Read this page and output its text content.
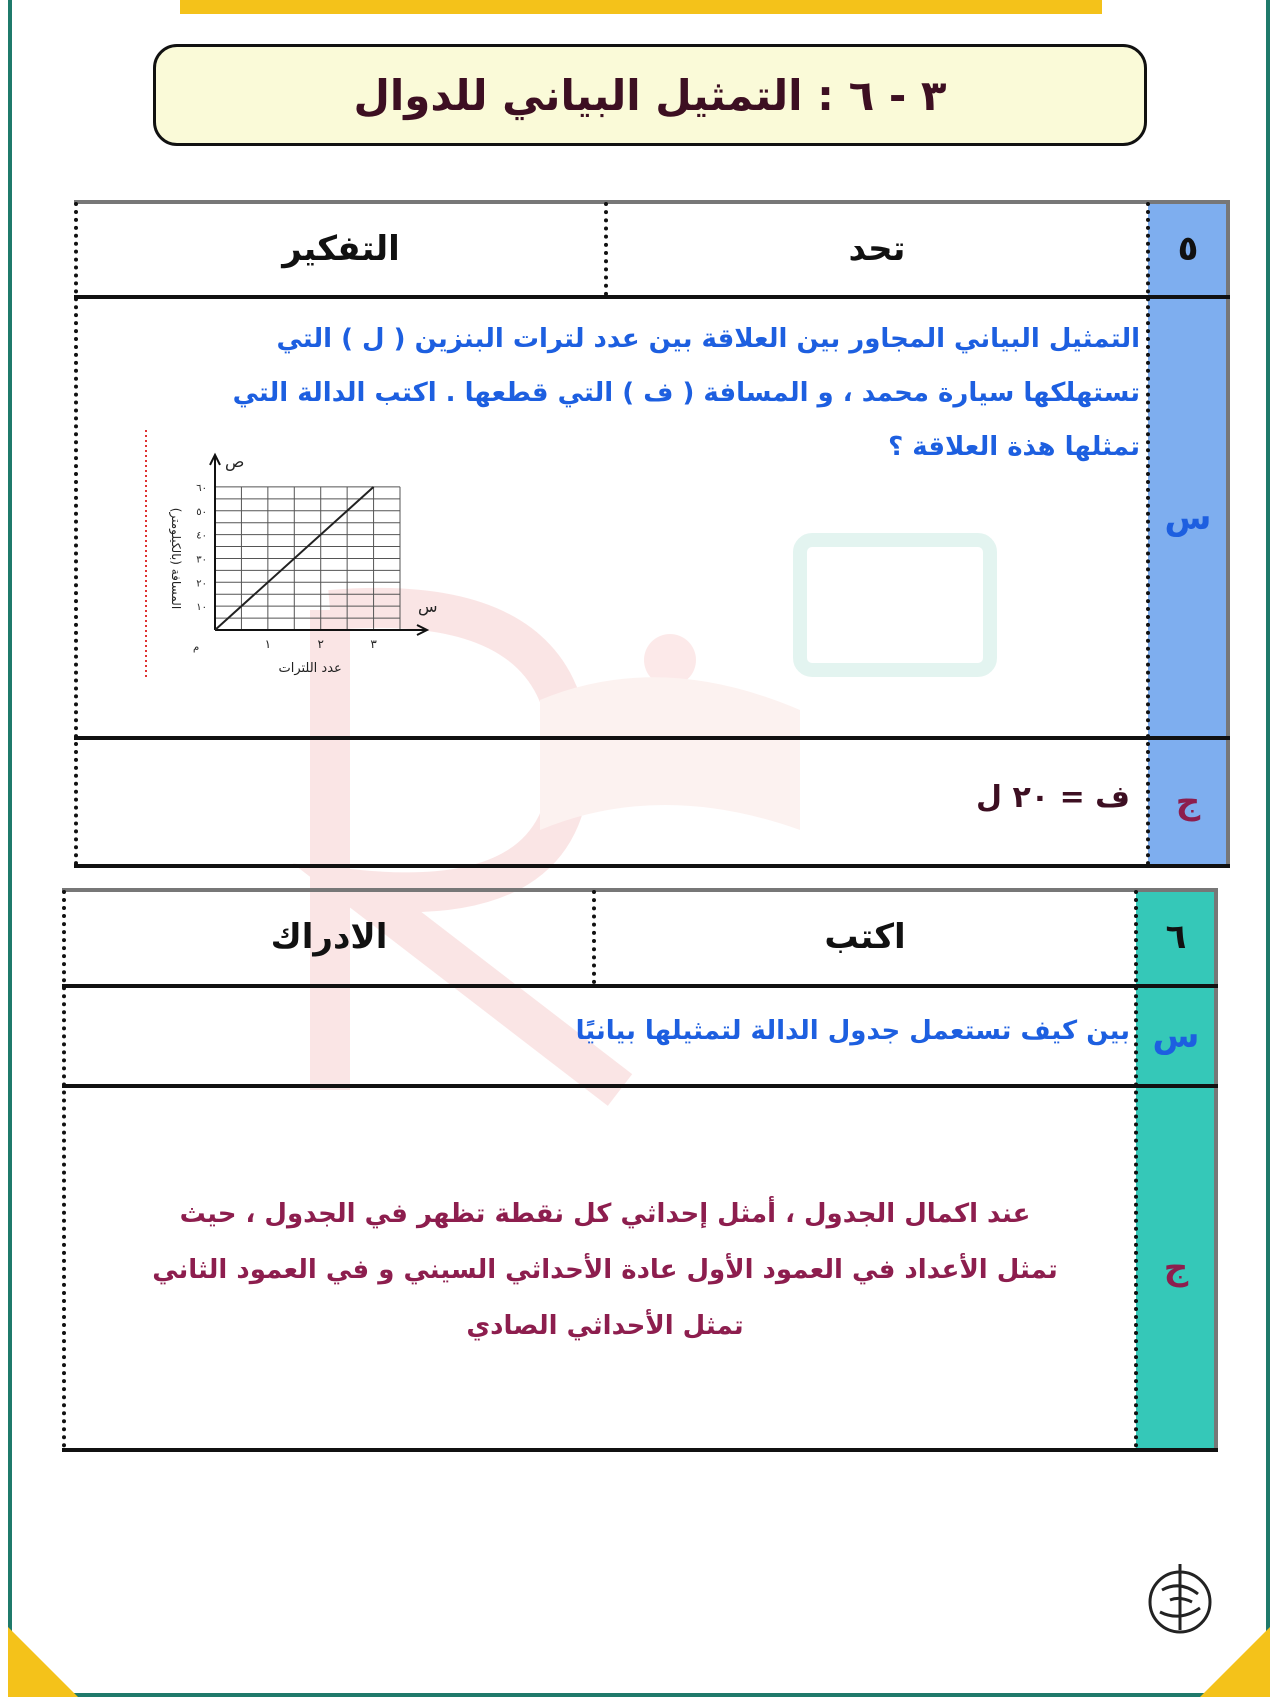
٣ - ٦ : التمثيل البياني للدوال
٥
تحد
التفكير
س
التمثيل البياني المجاور بين العلاقة بين عدد لترات البنزين ( ل ) التي
تستهلكها سيارة محمد ، و المسافة ( ف ) التي قطعها . اكتب الدالة التي
تمثلها هذة العلاقة ؟
١	٢	٣
١٠
٢٠
٣٠
٤٠
٥٠
٦٠
م
ص
س
عدد اللترات
المسافة (بالكيلومتر)
ج
ف = ٢٠ ل
٦
اكتب
الادراك
س
بين كيف تستعمل جدول الدالة لتمثيلها بيانيًا
ج
عند اكمال الجدول ، أمثل إحداثي كل نقطة تظهر في الجدول ، حيث
تمثل الأعداد في العمود الأول عادة الأحداثي السيني و في العمود الثاني
تمثل الأحداثي الصادي
